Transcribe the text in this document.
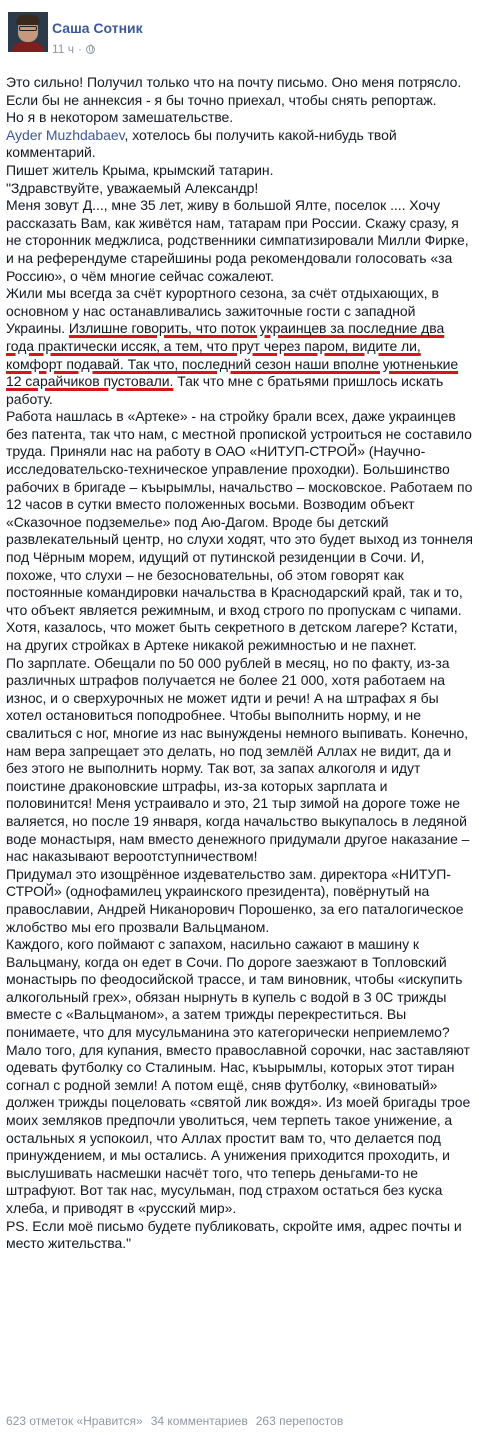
Саша Сотник
11 ч ·

Это сильно! Получил только что на почту письмо. Оно меня потрясло. Если бы не аннексия - я бы точно приехал, чтобы снять репортаж.

Но я в некотором замешательстве.

Ayder Muzhdabaev, хотелось бы получить какой-нибудь твой комментарий.

Пишет житель Крыма, крымский татарин.

"Здравствуйте, уважаемый Александр!

Меня зовут Д..., мне 35 лет, живу в большой Ялте, поселок .... Хочу рассказать Вам, как живётся нам, татарам при России. Скажу сразу, я не сторонник меджлиса, родственники симпатизировали Милли Фирке, и на референдуме старейшины рода рекомендовали голосовать «за Россию», о чём многие сейчас сожалеют.

Жили мы всегда за счёт курортного сезона, за счёт отдыхающих, в основном у нас останавливались зажиточные гости с западной Украины. Излишне говорить, что поток украинцев за последние два года практически иссяк, а тем, что прут через паром, видите ли, комфорт подавай. Так что, последний сезон наши вполне уютненькие 12 сарайчиков пустовали. Так что мне с братьями пришлось искать работу.

Работа нашлась в «Артеке» - на стройку брали всех, даже украинцев без патента, так что нам, с местной пропиской устроиться не составило труда. Приняли нас на работу в ОАО «НИТУП-СТРОЙ» (Научно-исследовательско-техническое управление проходки). Большинство рабочих в бригаде – къырымлы, начальство – московское. Работаем по 12 часов в сутки вместо положенных восьми. Возводим объект «Сказочное подземелье» под Аю-Дагом. Вроде бы детский развлекательный центр, но слухи ходят, что это будет выход из тоннеля под Чёрным морем, идущий от путинской резиденции в Сочи. И, похоже, что слухи – не безосновательны, об этом говорят как постоянные командировки начальства в Краснодарский край, так и то, что объект является режимным, и вход строго по пропускам с чипами. Хотя, казалось, что может быть секретного в детском лагере? Кстати, на других стройках в Артеке никакой режимностью и не пахнет.

По зарплате. Обещали по 50 000 рублей в месяц, но по факту, из-за различных штрафов получается не более 21 000, хотя работаем на износ, и о сверхурочных не может идти и речи! А на штрафах я бы хотел остановиться поподробнее. Чтобы выполнить норму, и не свалиться с ног, многие из нас вынуждены немного выпивать. Конечно, нам вера запрещает это делать, но под землёй Аллах не видит, да и без этого не выполнить норму. Так вот, за запах алкоголя и идут поистине драконовские штрафы, из-за которых зарплата и половинится! Меня устраивало и это, 21 тыр зимой на дороге тоже не валяется, но после 19 января, когда начальство выкупалось в ледяной воде монастыря, нам вместо денежного придумали другое наказание – нас наказывают вероотступничеством!

Придумал это изощрённое издевательство зам. директора «НИТУП-СТРОЙ» (однофамилец украинского президента), повёрнутый на православии, Андрей Никанорович Порошенко, за его паталогическое жлобство мы его прозвали Вальцманом.

Каждого, кого поймают с запахом, насильно сажают в машину к Вальцману, когда он едет в Сочи. По дороге заезжают в Топловский монастырь по феодосийской трассе, и там виновник, чтобы «искупить алкогольный грех», обязан нырнуть в купель с водой в 3 0С трижды вместе с «Вальцманом», а затем трижды перекреститься. Вы понимаете, что для мусульманина это категорически неприемлемо? Мало того, для купания, вместо православной сорочки, нас заставляют одевать футболку со Сталиным. Нас, къырымлы, которых этот тиран согнал с родной земли! А потом ещё, сняв футболку, «виноватый» должен трижды поцеловать «святой лик вождя». Из моей бригады трое моих земляков предпочли уволиться, чем терпеть такое унижение, а остальных я успокоил, что Аллах простит вам то, что делается под принуждением, и мы остались. А унижения приходится проходить, и выслушивать насмешки насчёт того, что теперь деньгами-то не штрафуют. Вот так нас, мусульман, под страхом остаться без куска хлеба, и приводят в «русский мир».

PS. Если моё письмо будете публиковать, скройте имя, адрес почты и место жительства."

623 отметок «Нравится» 34 комментариев 263 перепостов
